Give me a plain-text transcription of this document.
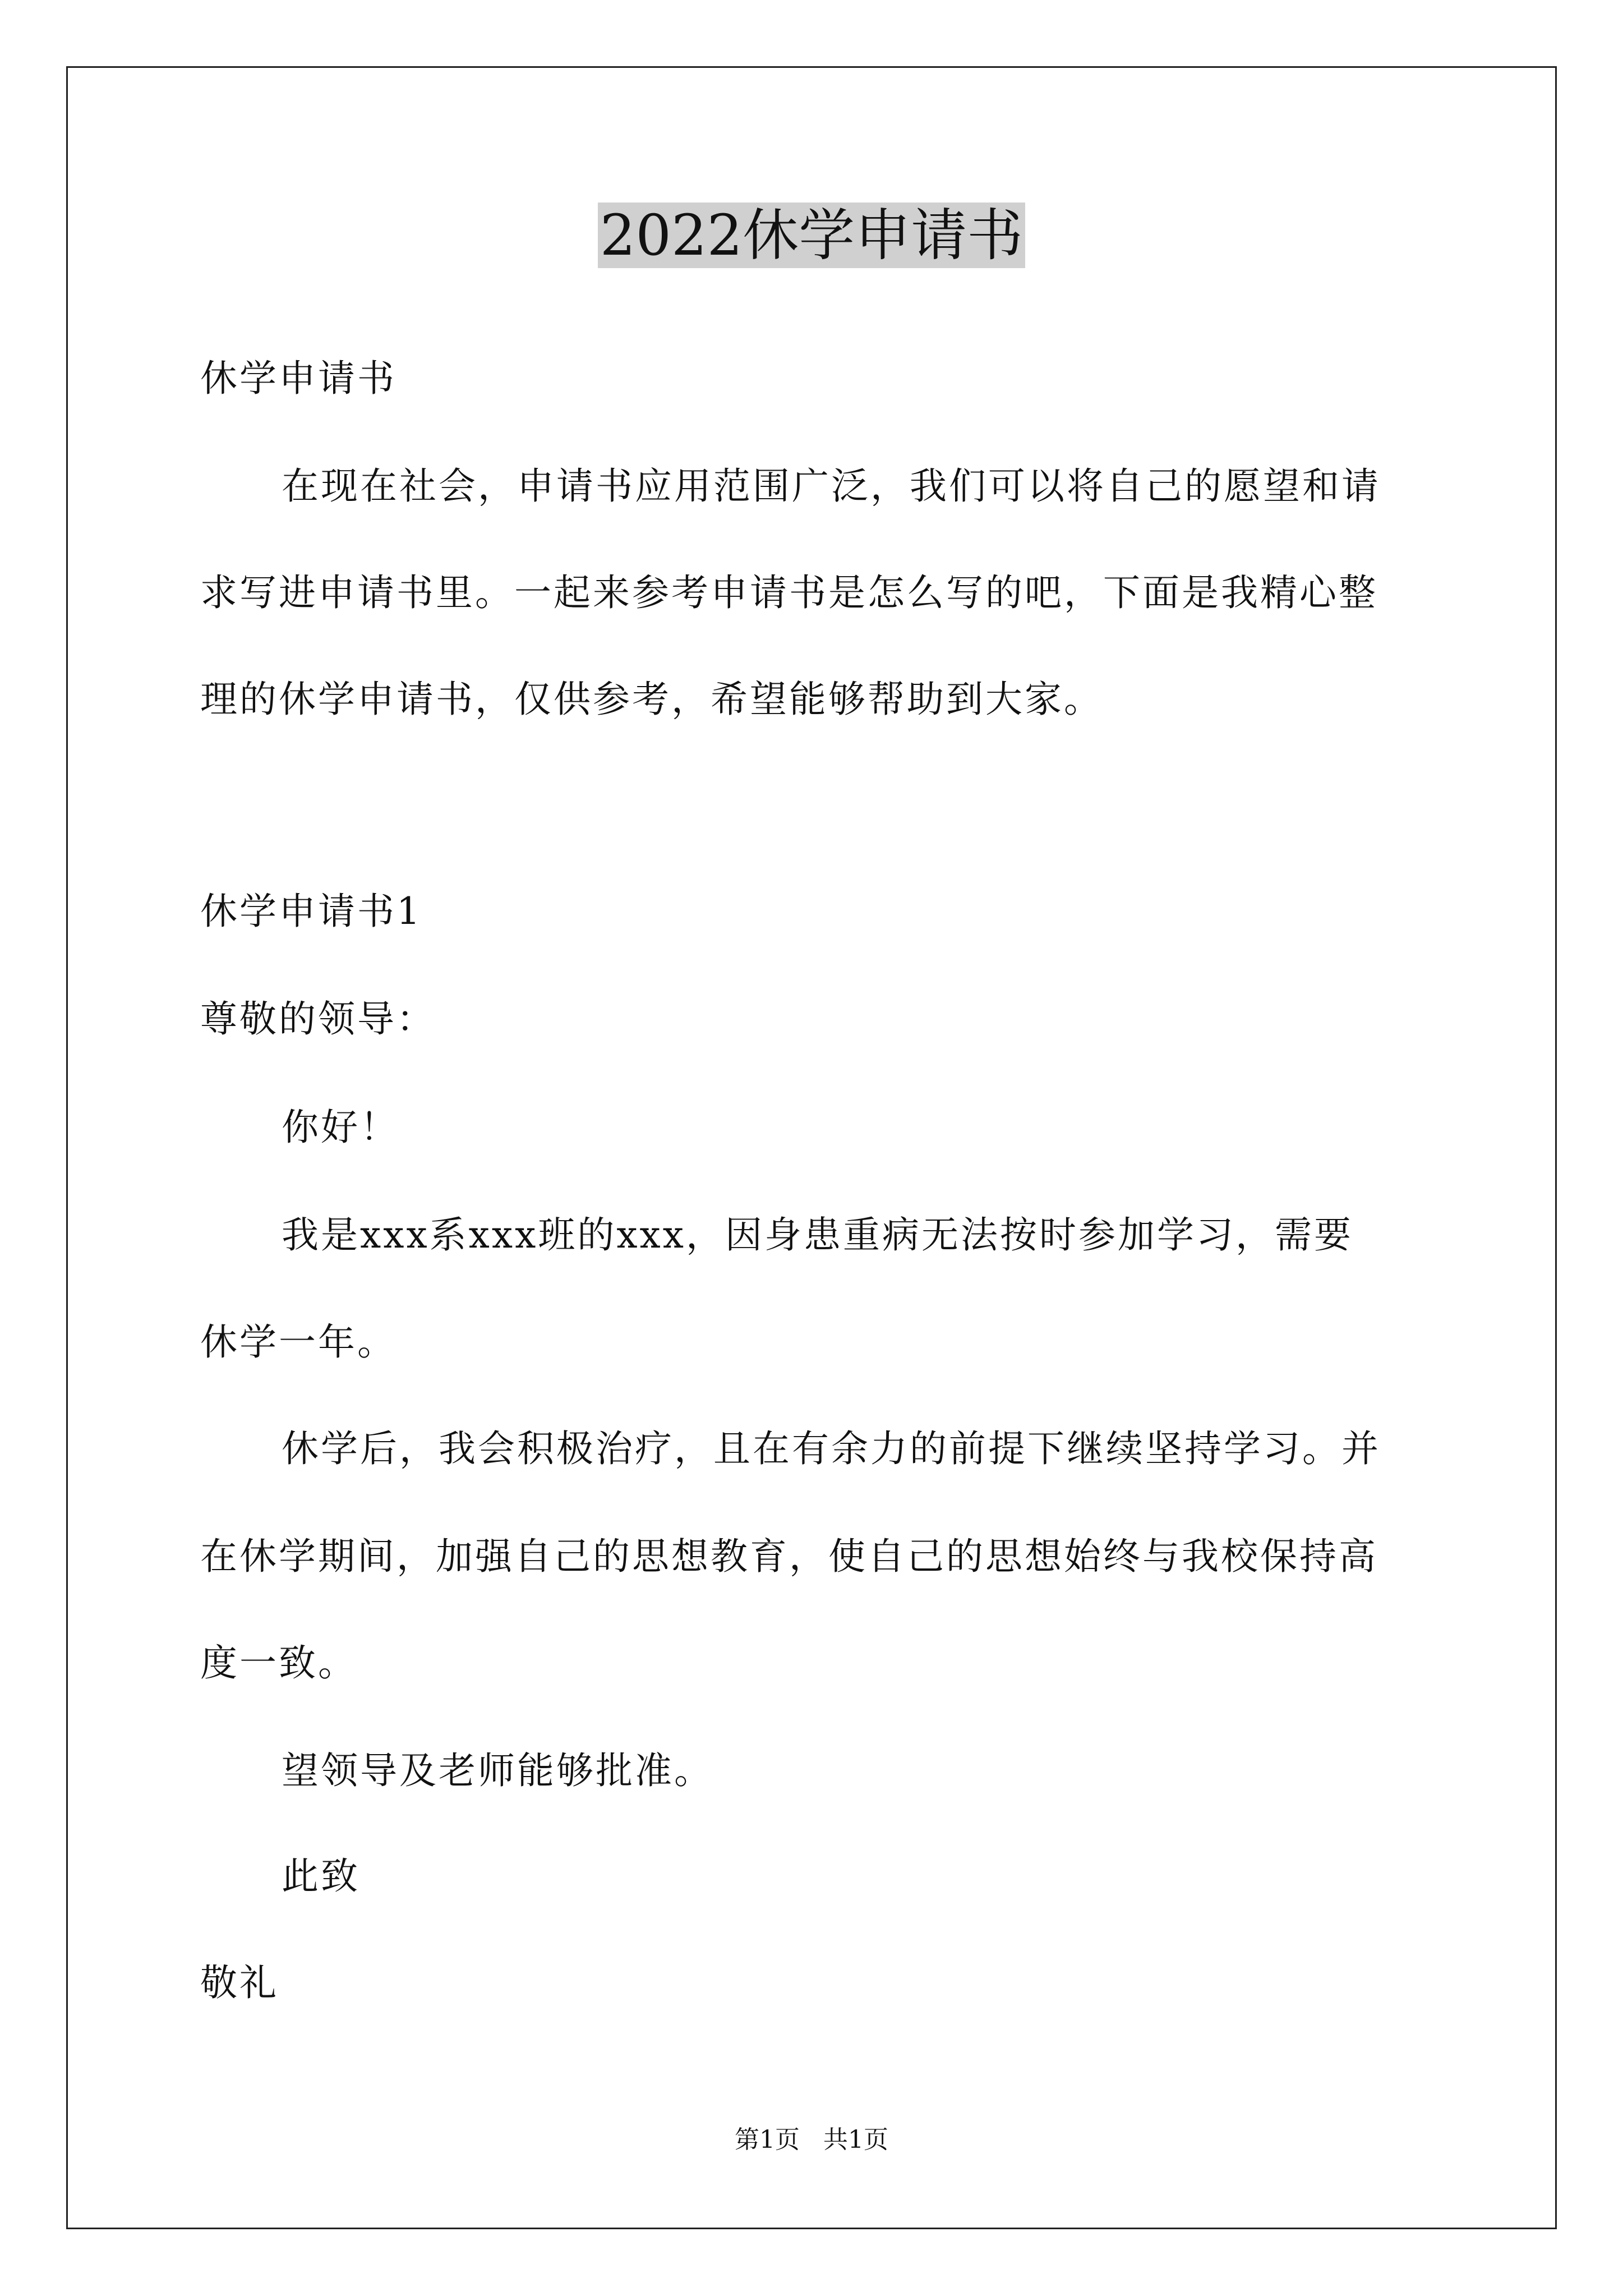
2022休学申请书
休学申请书
在现在社会，申请书应用范围广泛，我们可以将自己的愿望和请
求写进申请书里。一起来参考申请书是怎么写的吧，下面是我精心整
理的休学申请书，仅供参考，希望能够帮助到大家。
休学申请书1
尊敬的领导：
你好！
我是xxx系xxx班的xxx，因身患重病无法按时参加学习，需要
休学一年。
休学后，我会积极治疗，且在有余力的前提下继续坚持学习。并
在休学期间，加强自己的思想教育，使自己的思想始终与我校保持高
度一致。
望领导及老师能够批准。
此致
敬礼
第1页   共1页
